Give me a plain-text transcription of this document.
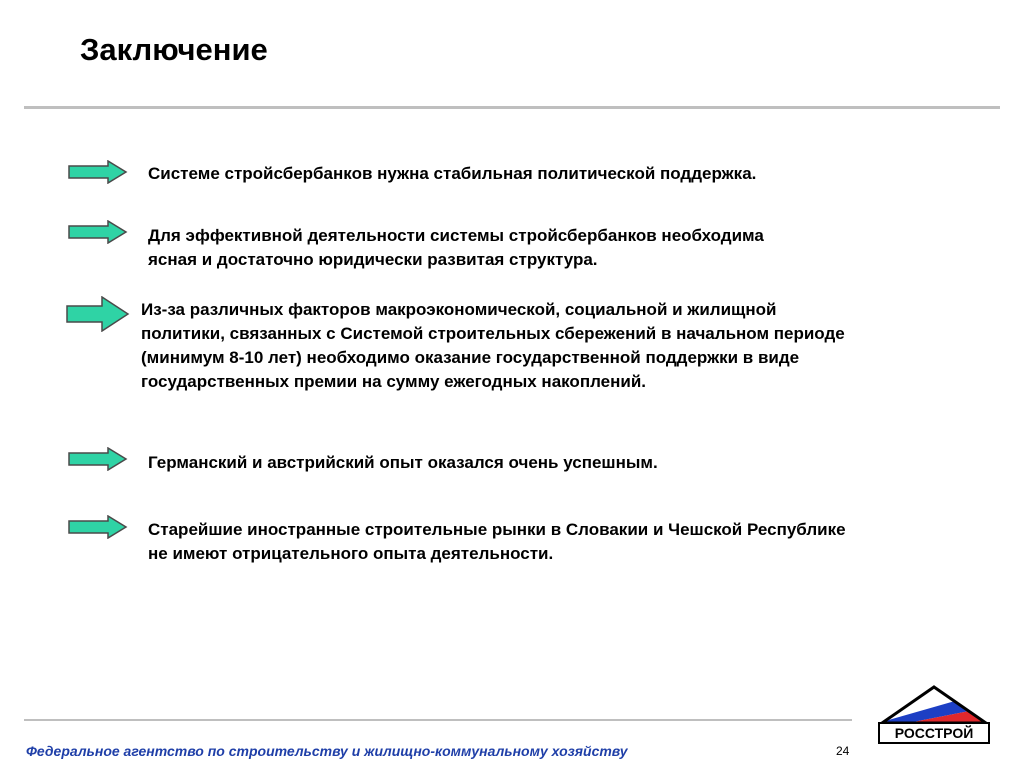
Заключение
Системе стройсбербанков нужна стабильная политической поддержка.
Для эффективной деятельности системы стройсбербанков необходима
ясная и достаточно юридически развитая структура.
Из-за различных факторов макроэкономической, социальной и жилищной
политики, связанных с Системой строительных сбережений в начальном периоде
(минимум 8-10 лет) необходимо оказание государственной поддержки в виде
государственных премии на сумму ежегодных накоплений.
Германский и австрийский опыт оказался очень успешным.
Старейшие иностранные строительные рынки в Словакии и Чешской Республике
не имеют отрицательного опыта деятельности.
Федеральное агентство по строительству и жилищно-коммунальному хозяйству	24
РОССТРОЙ
